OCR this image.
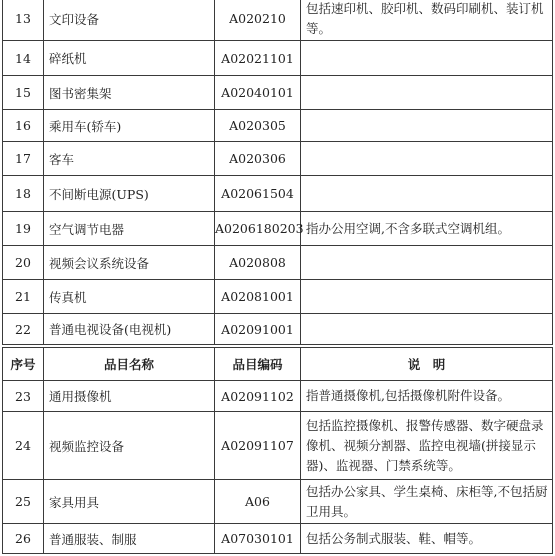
13	文印设备	A020210	包括速印机、胶印机、数码印刷机、装订机等。
14	碎纸机	A02021101	
15	图书密集架	A02040101	
16	乘用车(轿车)	A020305	
17	客车	A020306	
18	不间断电源(UPS)	A02061504	
19	空气调节电器	A0206180203	指办公用空调,不含多联式空调机组。
20	视频会议系统设备	A020808	
21	传真机	A02081001	
22	普通电视设备(电视机)	A02091001	
序号	品目名称	品目编码	说　明
23	通用摄像机	A02091102	指普通摄像机,包括摄像机附件设备。
24	视频监控设备	A02091107	包括监控摄像机、报警传感器、数字硬盘录像机、视频分割器、监控电视墙(拼接显示器)、监视器、门禁系统等。
25	家具用具	A06	包括办公家具、学生桌椅、床柜等,不包括厨卫用具。
26	普通服装、制服	A07030101	包括公务制式服装、鞋、帽等。
